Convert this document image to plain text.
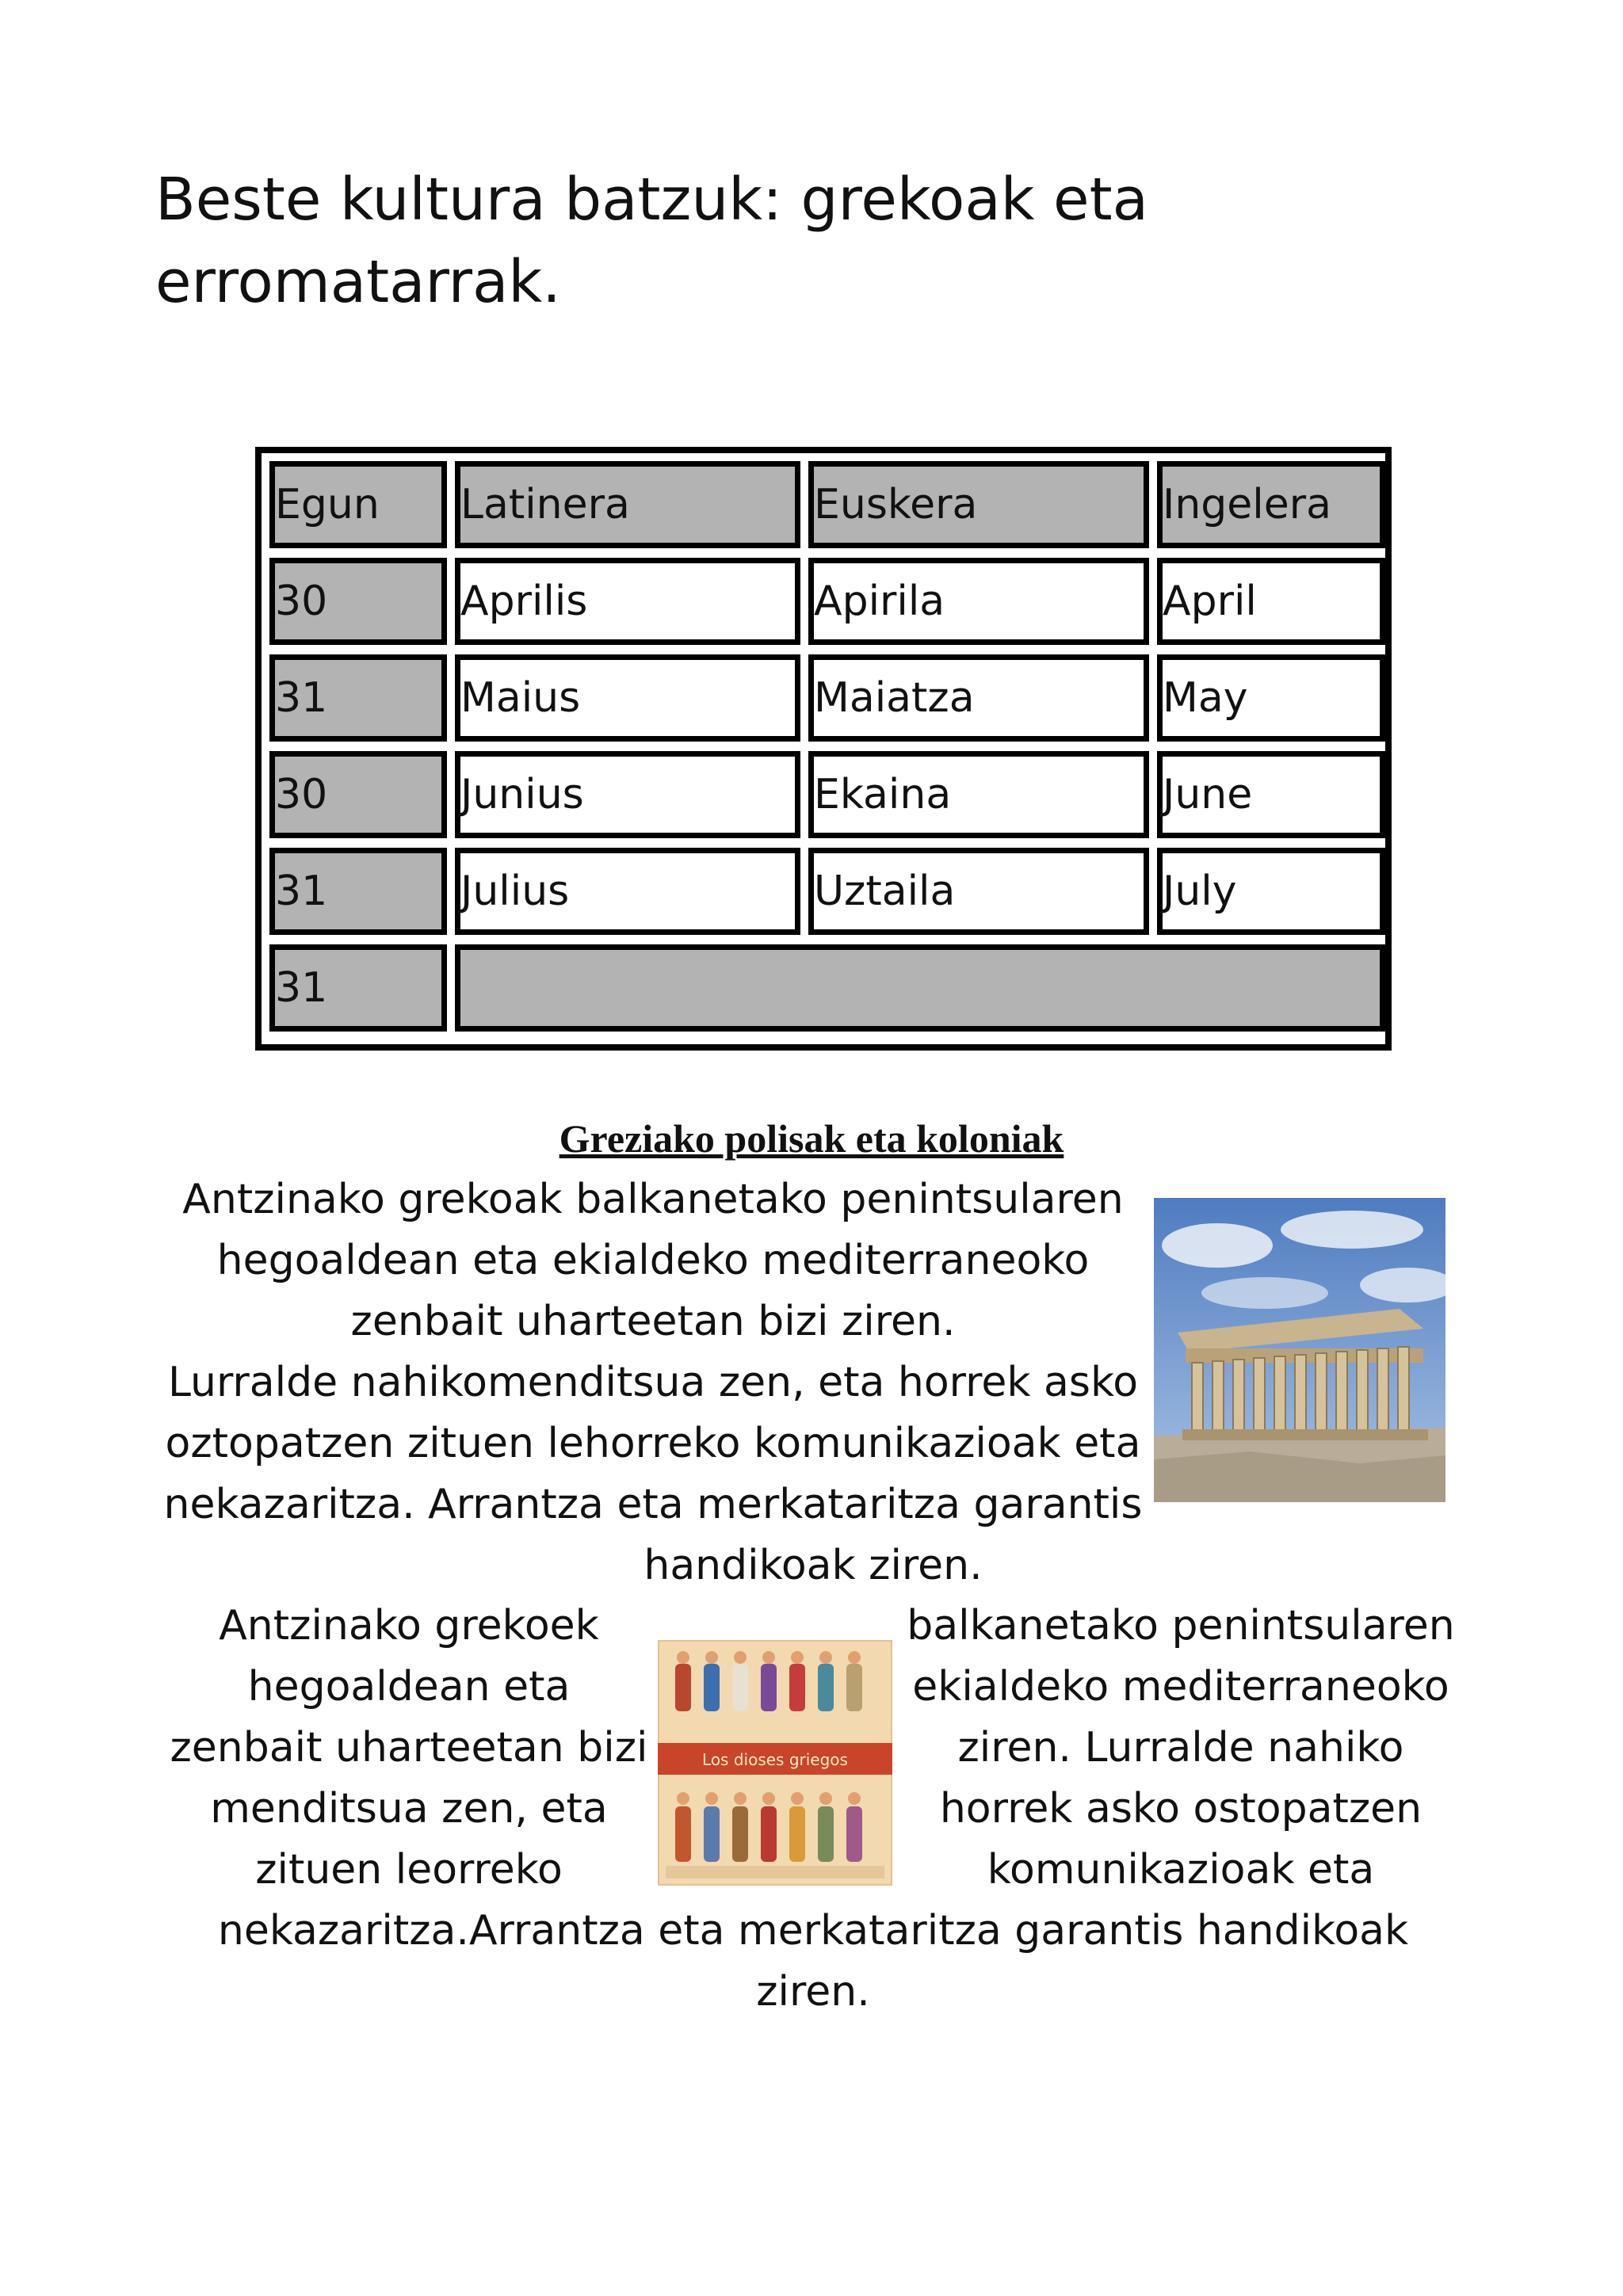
Beste kultura batzuk: grekoak eta erromatarrak.
Egun	Latinera	Euskera	Ingelera
30	Aprilis	Apirila	April
31	Maius	Maiatza	May
30	Junius	Ekaina	June
31	Julius	Uztaila	July
31			
Greziako polisak eta koloniak
Antzinako grekoak balkanetako penintsularen
hegoaldean eta ekialdeko mediterraneoko
zenbait uharteetan bizi ziren.
Lurralde nahikomenditsua zen, eta horrek asko
oztopatzen zituen lehorreko komunikazioak eta
nekazaritza. Arrantza eta merkataritza garantis
handikoak ziren.
Antzinako grekoek
hegoaldean eta
zenbait uharteetan bizi
menditsua zen, eta
zituen leorreko
Los dioses griegos
balkanetako penintsularen
ekialdeko mediterraneoko
ziren. Lurralde nahiko
horrek asko ostopatzen
komunikazioak eta
nekazaritza.Arrantza eta merkataritza garantis handikoak
ziren.
